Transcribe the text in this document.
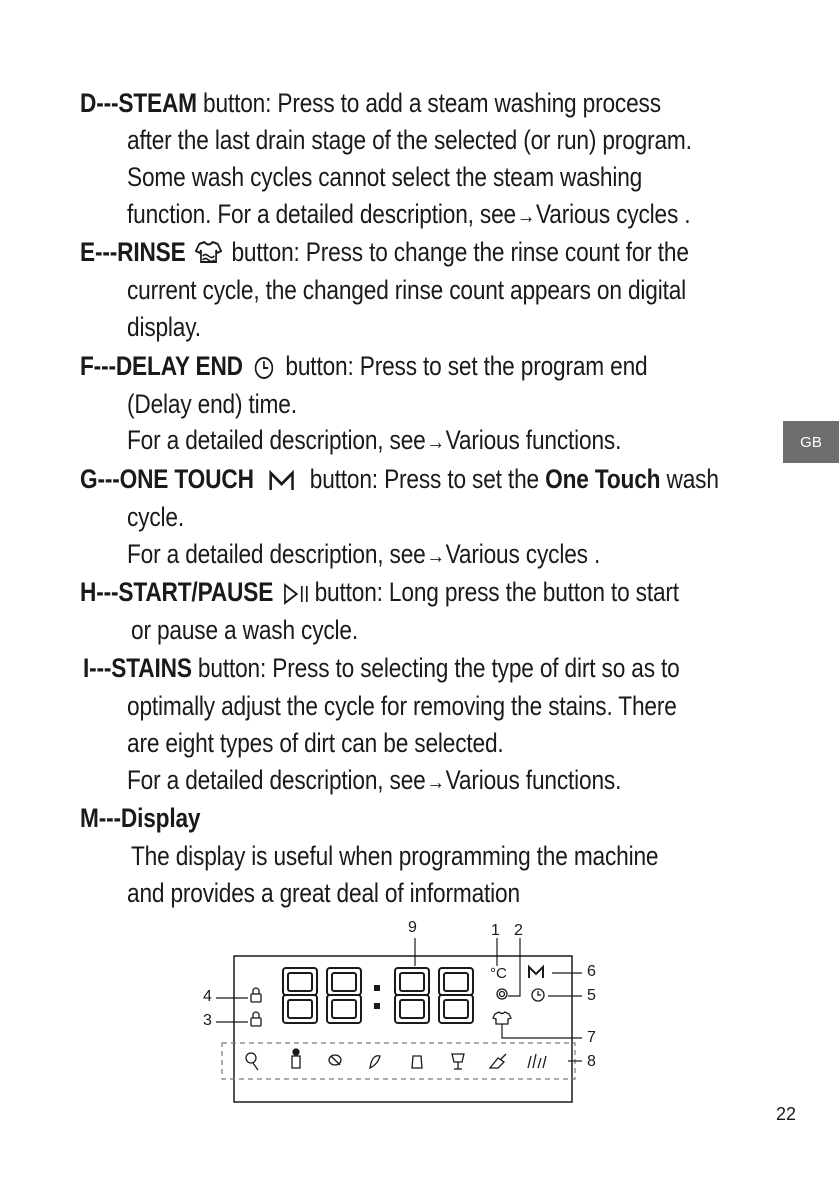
D---STEAM button: Press to add a steam washing process
after the last drain stage of the selected (or run) program.
Some wash cycles cannot select the steam washing
function. For a detailed description, see→Various cycles .
E---RINSE button: Press to change the rinse count for the
current cycle, the changed rinse count appears on digital
display.
F---DELAY END button: Press to set the program end
(Delay end) time.
For a detailed description, see→Various functions.
G---ONE TOUCH button: Press to set the One Touch wash
cycle.
For a detailed description, see→Various cycles .
H---START/PAUSE button: Long press the button to start
or pause a wash cycle.
I---STAINS button: Press to selecting the type of dirt so as to
optimally adjust the cycle for removing the stains. There
are eight types of dirt can be selected.
For a detailed description, see→Various functions.
M---Display
The display is useful when programming the machine
and provides a great deal of information
GB
°C
9	1 2
6
5
7
8
4
3
22
